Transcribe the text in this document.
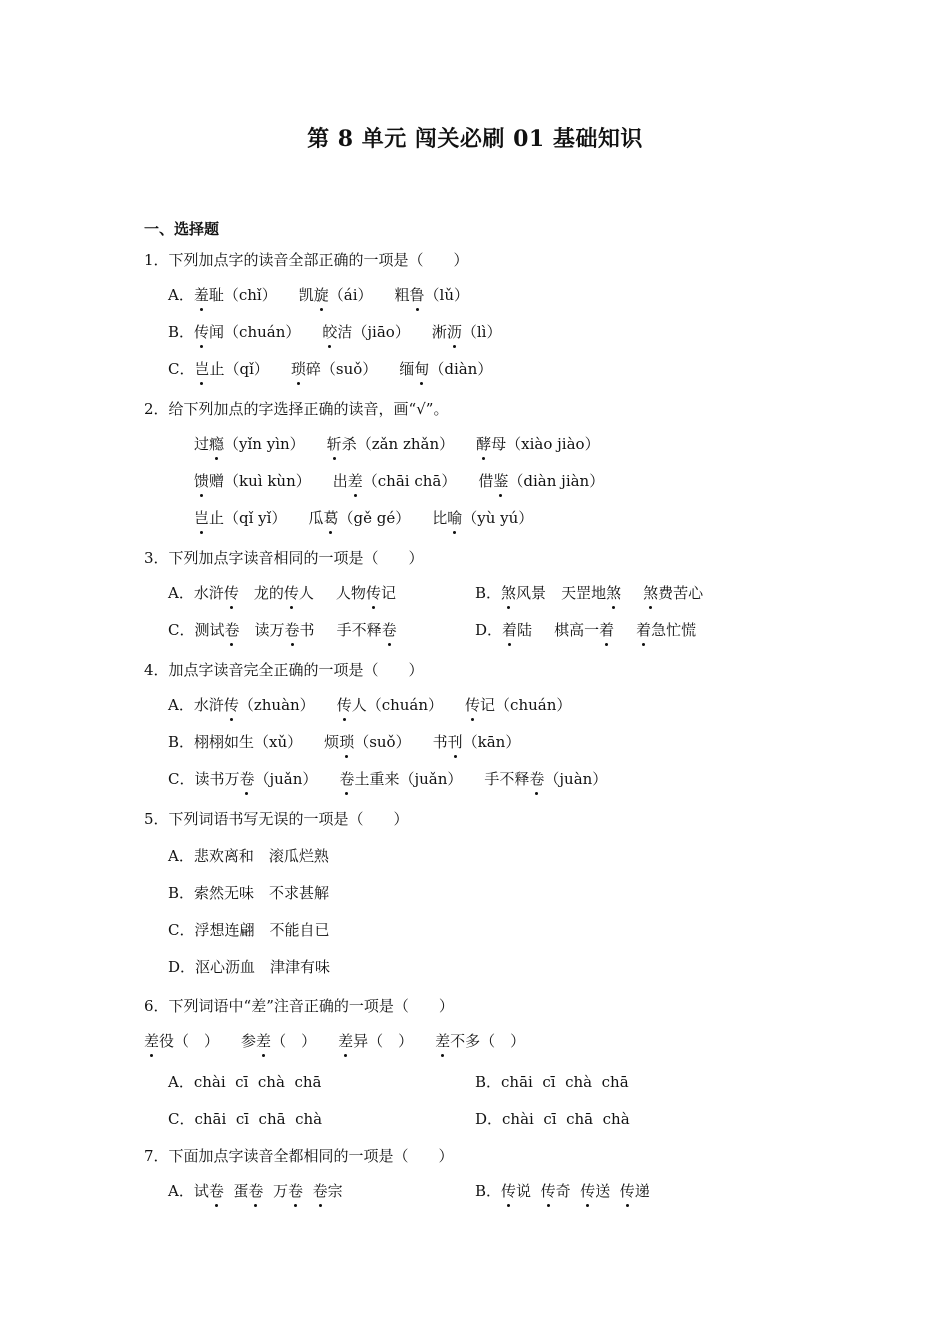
第 8 单元 闯关必刷 01 基础知识
一、选择题
1．下列加点字的读音全部正确的一项是（　　）
A．羞耻（chǐ） 凯旋（ái） 粗鲁（lǔ）
B．传闻（chuán） 皎洁（jiāo） 淅沥（lì）
C．岂止（qǐ） 琐碎（suǒ） 缅甸（diàn）
2．给下列加点的字选择正确的读音，画“√”。
过瘾（yǐn yìn） 斩杀（zǎn zhǎn） 酵母（xiào jiào）
馈赠（kuì kùn） 出差（chāi chā） 借鉴（diàn jiàn）
岂止（qǐ yǐ） 瓜葛（gě gé） 比喻（yù yú）
3．下列加点字读音相同的一项是（　　）
A．水浒传　 龙的传人 人物传记	B．煞风景　 天罡地煞 煞费苦心
C．测试卷　 读万卷书 手不释卷	D．着陆 棋高一着 着急忙慌
4．加点字读音完全正确的一项是（　　）
A．水浒传（zhuàn） 传人（chuán） 传记（chuán）
B．栩栩如生（xǔ） 烦琐（suǒ） 书刊（kān）
C．读书万卷（juǎn） 卷土重来（juǎn） 手不释卷（juàn）
5．下列词语书写无误的一项是（　　）
A．悲欢离和　滚瓜烂熟
B．索然无味　不求甚解
C．浮想连翩　不能自已
D．沤心沥血　津津有味
6．下列词语中“差”注音正确的一项是（　　）
差役（　） 参差（　） 差异（　） 差不多（　）
A．chài  cī  chà  chā	B．chāi  cī  chà  chā
C．chāi  cī  chā  chà	D．chài  cī  chā  chà
7．下面加点字读音全都相同的一项是（　　）
A．试卷 蛋卷 万卷 卷宗	B．传说 传奇 传送 传递
